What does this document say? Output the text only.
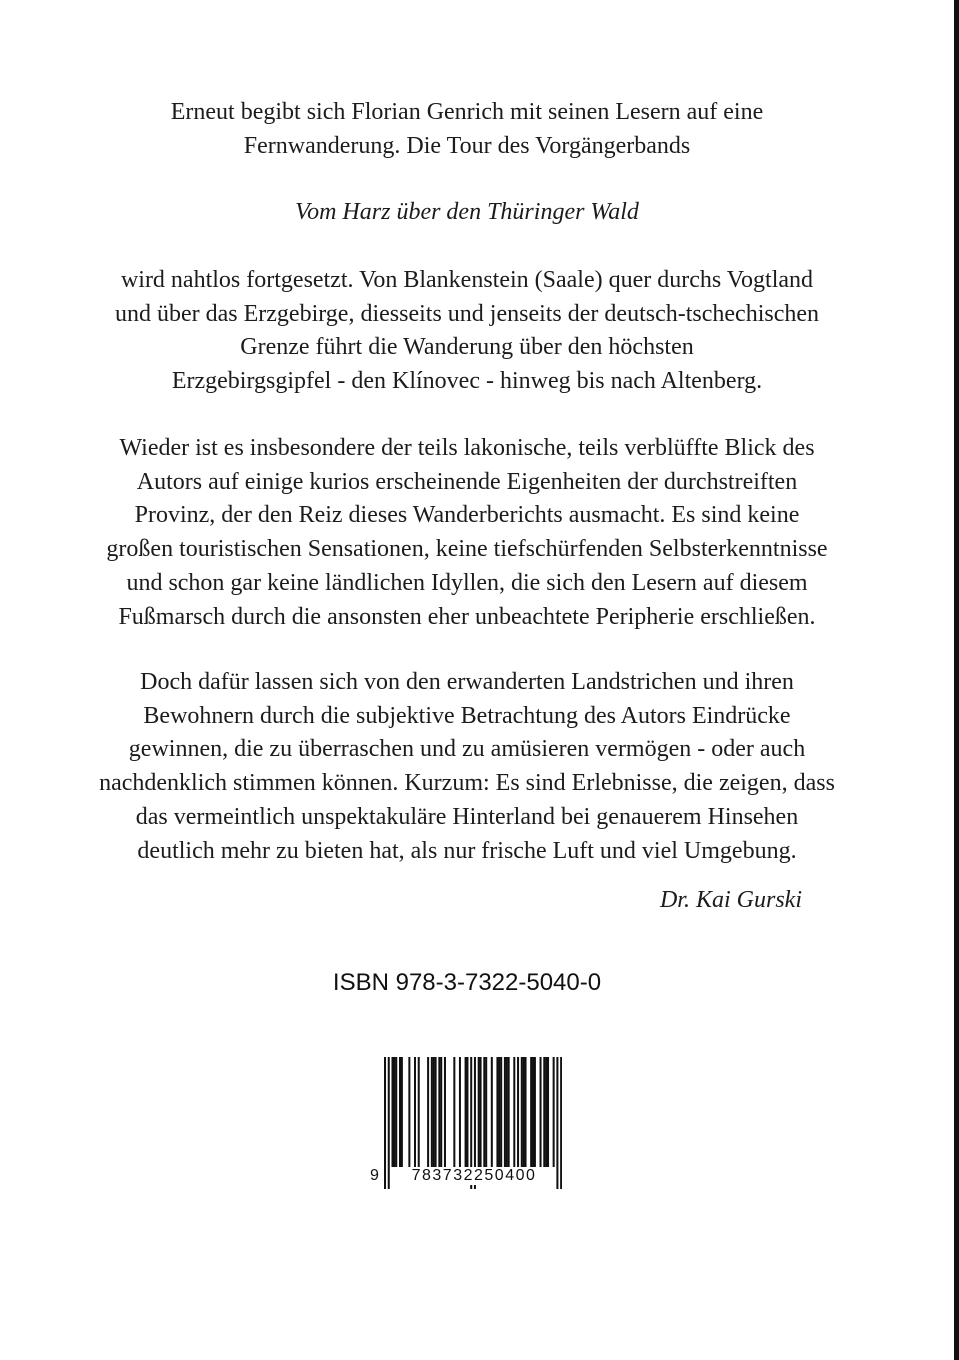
Erneut begibt sich Florian Genrich mit seinen Lesern auf eine
Fernwanderung. Die Tour des Vorgängerbands
Vom Harz über den Thüringer Wald
wird nahtlos fortgesetzt. Von Blankenstein (Saale) quer durchs Vogtland
und über das Erzgebirge, diesseits und jenseits der deutsch-tschechischen
Grenze führt die Wanderung über den höchsten
Erzgebirgsgipfel - den Klínovec - hinweg bis nach Altenberg.
Wieder ist es insbesondere der teils lakonische, teils verblüffte Blick des
Autors auf einige kurios erscheinende Eigenheiten der durchstreiften
Provinz, der den Reiz dieses Wanderberichts ausmacht. Es sind keine
großen touristischen Sensationen, keine tiefschürfenden Selbsterkenntnisse
und schon gar keine ländlichen Idyllen, die sich den Lesern auf diesem
Fußmarsch durch die ansonsten eher unbeachtete Peripherie erschließen.
Doch dafür lassen sich von den erwanderten Landstrichen und ihren
Bewohnern durch die subjektive Betrachtung des Autors Eindrücke
gewinnen, die zu überraschen und zu amüsieren vermögen - oder auch
nachdenklich stimmen können. Kurzum: Es sind Erlebnisse, die zeigen, dass
das vermeintlich unspektakuläre Hinterland bei genauerem Hinsehen
deutlich mehr zu bieten hat, als nur frische Luft und viel Umgebung.
Dr. Kai Gurski
ISBN 978-3-7322-5040-0
9	783732250400
